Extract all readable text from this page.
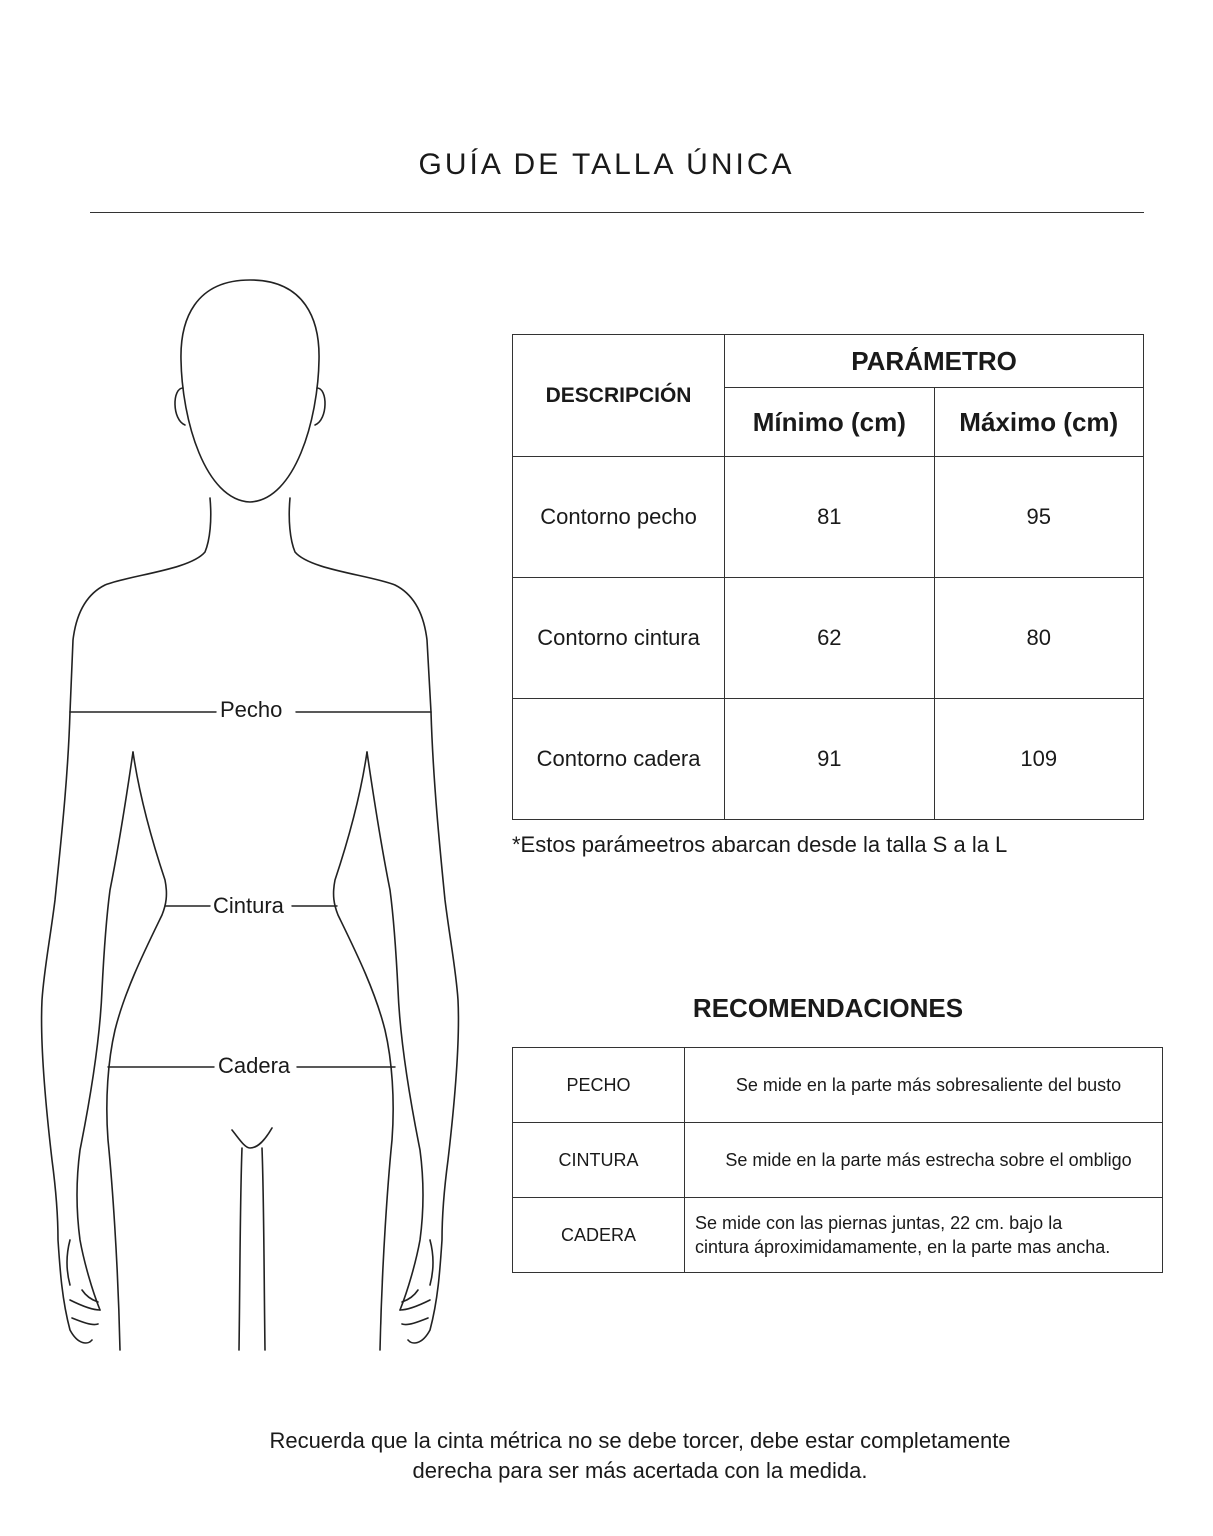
GUÍA DE TALLA ÚNICA
Pecho
Cintura
Cadera
DESCRIPCIÓN	PARÁMETRO	
	Mínimo (cm)	Máximo (cm)
Contorno pecho	81	95
Contorno cintura	62	80
Contorno cadera	91	109
*Estos parámeetros abarcan desde la talla S a la L
RECOMENDACIONES
PECHO	Se mide en la parte más sobresaliente del busto
CINTURA	Se mide en la parte más estrecha sobre el ombligo
CADERA	Se mide con las piernas juntas, 22 cm. bajo la
cintura áproximidamamente, en la parte mas ancha.
Recuerda que la cinta métrica no se debe torcer, debe estar completamente
derecha para ser más acertada con la medida.
